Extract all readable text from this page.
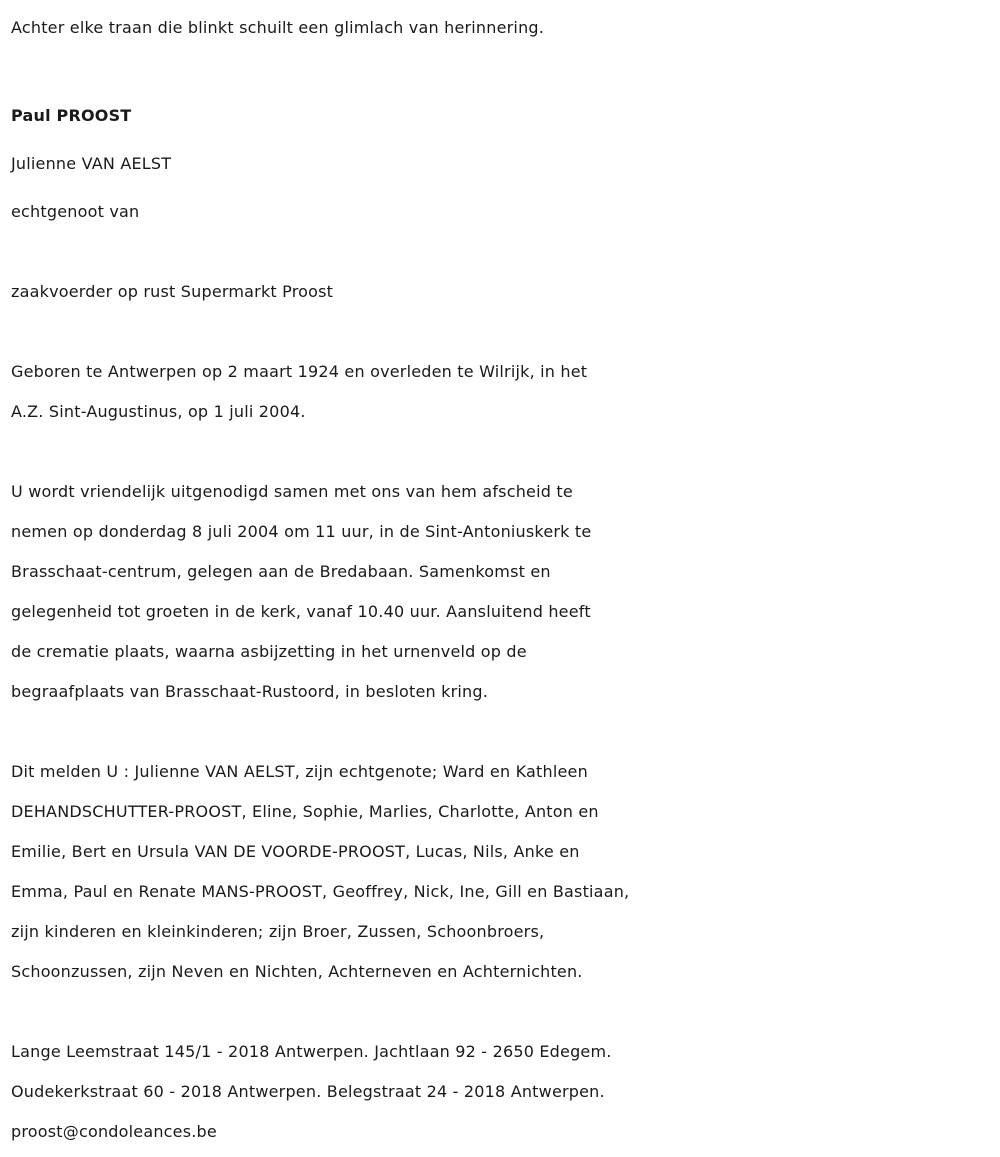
Achter elke traan die blinkt schuilt een glimlach van herinnering.
Paul PROOST
Julienne VAN AELST
echtgenoot van
zaakvoerder op rust Supermarkt Proost
Geboren te Antwerpen op 2 maart 1924 en overleden te Wilrijk, in het
A.Z. Sint-Augustinus, op 1 juli 2004.
U wordt vriendelijk uitgenodigd samen met ons van hem afscheid te
nemen op donderdag 8 juli 2004 om 11 uur, in de Sint-Antoniuskerk te
Brasschaat-centrum, gelegen aan de Bredabaan. Samenkomst en
gelegenheid tot groeten in de kerk, vanaf 10.40 uur. Aansluitend heeft
de crematie plaats, waarna asbijzetting in het urnenveld op de
begraafplaats van Brasschaat-Rustoord, in besloten kring.
Dit melden U : Julienne VAN AELST, zijn echtgenote; Ward en Kathleen
DEHANDSCHUTTER-PROOST, Eline, Sophie, Marlies, Charlotte, Anton en
Emilie, Bert en Ursula VAN DE VOORDE-PROOST, Lucas, Nils, Anke en
Emma, Paul en Renate MANS-PROOST, Geoffrey, Nick, Ine, Gill en Bastiaan,
zijn kinderen en kleinkinderen; zijn Broer, Zussen, Schoonbroers,
Schoonzussen, zijn Neven en Nichten, Achterneven en Achternichten.
Lange Leemstraat 145/1 - 2018 Antwerpen. Jachtlaan 92 - 2650 Edegem.
Oudekerkstraat 60 - 2018 Antwerpen. Belegstraat 24 - 2018 Antwerpen.
proost@condoleances.be
